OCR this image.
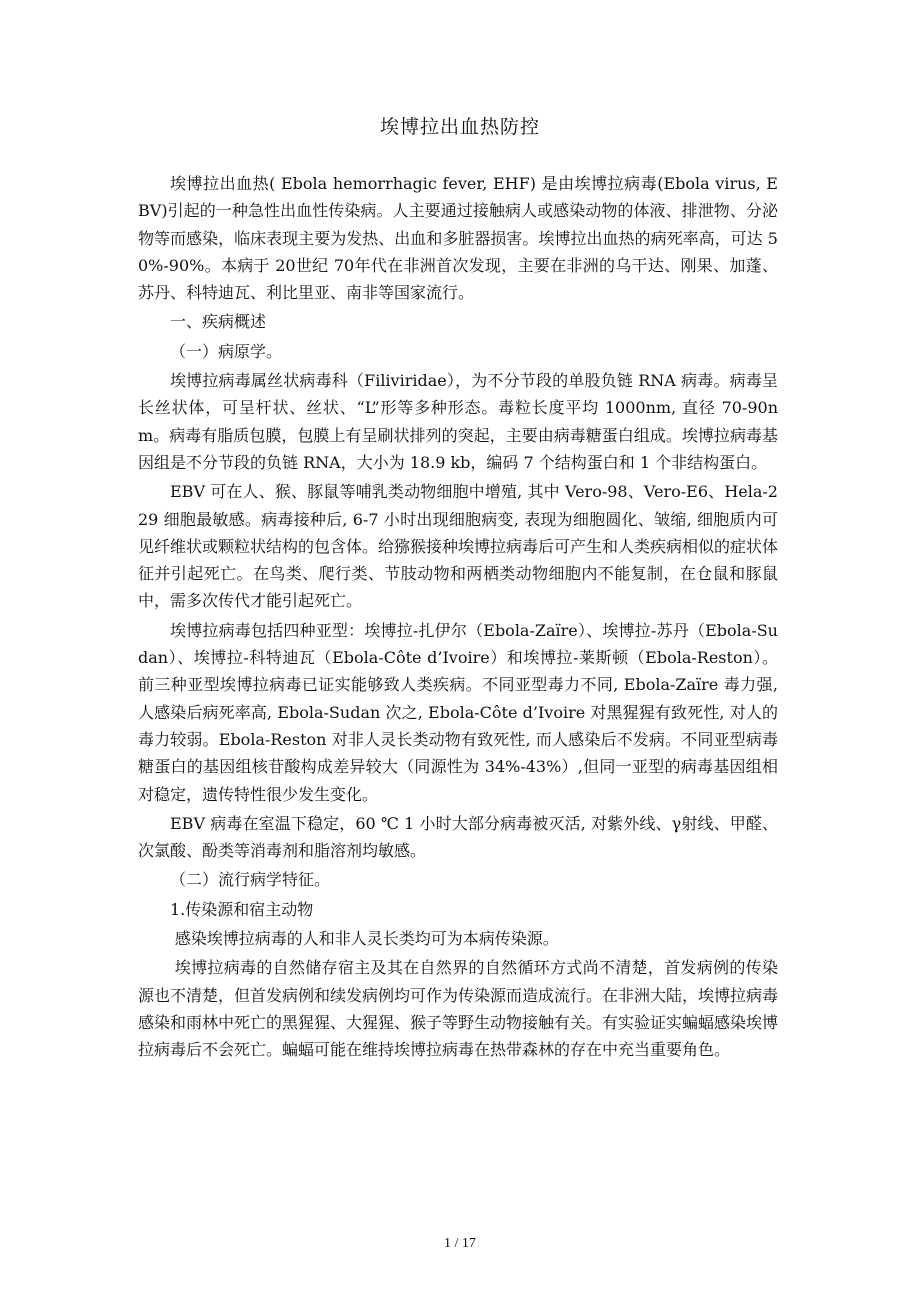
埃博拉出血热防控

埃博拉出血热( Ebola hemorrhagic fever, EHF) 是由埃博拉病毒(Ebola virus, EBV)引起的一种急性出血性传染病。人主要通过接触病人或感染动物的体液、排泄物、分泌物等而感染，临床表现主要为发热、出血和多脏器损害。埃博拉出血热的病死率高，可达 50%-90%。本病于 20世纪 70年代在非洲首次发现，主要在非洲的乌干达、刚果、加蓬、苏丹、科特迪瓦、利比里亚、南非等国家流行。

一、疾病概述

（一）病原学。

埃博拉病毒属丝状病毒科（Filiviridae），为不分节段的单股负链 RNA 病毒。病毒呈长丝状体，可呈杆状、丝状、“L”形等多种形态。毒粒长度平均 1000nm, 直径 70-90nm。病毒有脂质包膜，包膜上有呈刷状排列的突起，主要由病毒糖蛋白组成。埃博拉病毒基因组是不分节段的负链 RNA，大小为 18.9 kb，编码 7 个结构蛋白和 1 个非结构蛋白。

EBV 可在人、猴、豚鼠等哺乳类动物细胞中增殖, 其中 Vero-98、Vero-E6、Hela-229 细胞最敏感。病毒接种后, 6-7 小时出现细胞病变, 表现为细胞圆化、皱缩, 细胞质内可见纤维状或颗粒状结构的包含体。给猕猴接种埃博拉病毒后可产生和人类疾病相似的症状体征并引起死亡。在鸟类、爬行类、节肢动物和两栖类动物细胞内不能复制，在仓鼠和豚鼠中，需多次传代才能引起死亡。

埃博拉病毒包括四种亚型：埃博拉-扎伊尔（Ebola-Zaïre）、埃博拉-苏丹（Ebola-Sudan）、埃博拉-科特迪瓦（Ebola-Côte d’Ivoire）和埃博拉-莱斯顿（Ebola-Reston）。前三种亚型埃博拉病毒已证实能够致人类疾病。不同亚型毒力不同, Ebola-Zaïre 毒力强, 人感染后病死率高, Ebola-Sudan 次之, Ebola-Côte d’Ivoire 对黑猩猩有致死性, 对人的毒力较弱。Ebola-Reston 对非人灵长类动物有致死性, 而人感染后不发病。不同亚型病毒糖蛋白的基因组核苷酸构成差异较大（同源性为 34%-43%）,但同一亚型的病毒基因组相对稳定，遗传特性很少发生变化。

EBV 病毒在室温下稳定，60 ℃ 1 小时大部分病毒被灭活, 对紫外线、γ射线、甲醛、次氯酸、酚类等消毒剂和脂溶剂均敏感。

（二）流行病学特征。

1.传染源和宿主动物

感染埃博拉病毒的人和非人灵长类均可为本病传染源。

埃博拉病毒的自然储存宿主及其在自然界的自然循环方式尚不清楚，首发病例的传染源也不清楚，但首发病例和续发病例均可作为传染源而造成流行。在非洲大陆，埃博拉病毒感染和雨林中死亡的黑猩猩、大猩猩、猴子等野生动物接触有关。有实验证实蝙蝠感染埃博拉病毒后不会死亡。蝙蝠可能在维持埃博拉病毒在热带森林的存在中充当重要角色。

1 / 17
